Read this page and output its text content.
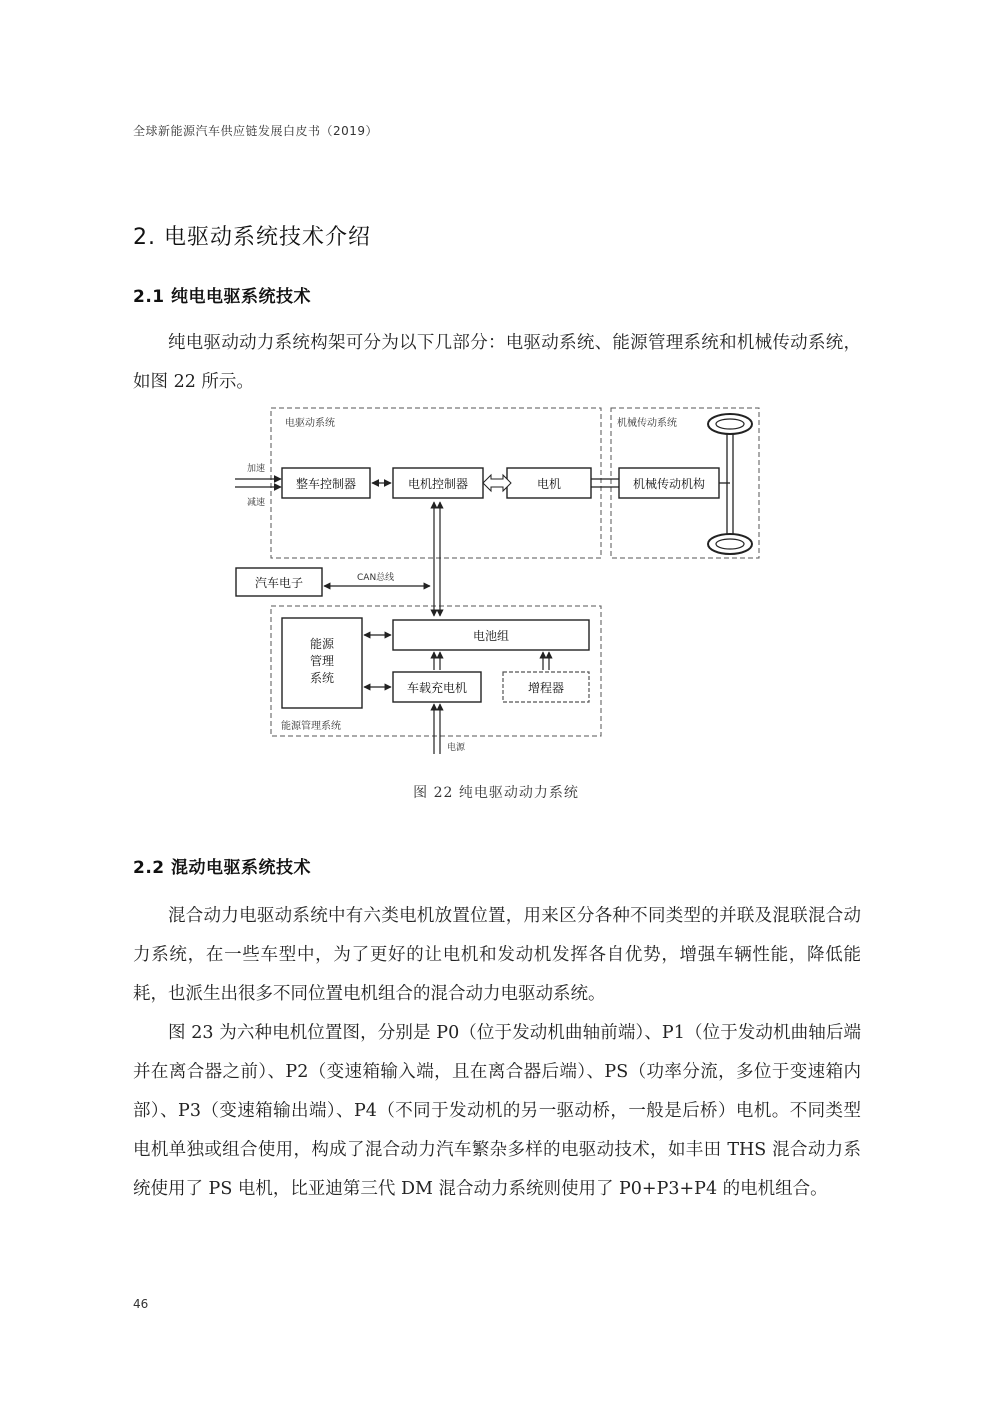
全球新能源汽车供应链发展白皮书（2019）
2. 电驱动系统技术介绍
2.1 纯电电驱系统技术

纯电驱动动力系统构架可分为以下几部分：电驱动系统、能源管理系统和机械传动系统，如图 22 所示。

电驱动系统	机械传动系统
能源管理系统
加速
减速
整车控制器	电机控制器	电机	机械传动机构
汽车电子	CAN总线
能源
管理
系统
电池组
车载充电机	增程器
电源
图 22 纯电驱动动力系统
2.2 混动电驱系统技术

混合动力电驱动系统中有六类电机放置位置，用来区分各种不同类型的并联及混联混合动力系统，在一些车型中，为了更好的让电机和发动机发挥各自优势，增强车辆性能，降低能耗，也派生出很多不同位置电机组合的混合动力电驱动系统。

图 23 为六种电机位置图，分别是 P0（位于发动机曲轴前端）、P1（位于发动机曲轴后端并在离合器之前）、P2（变速箱输入端，且在离合器后端）、PS（功率分流，多位于变速箱内部）、P3（变速箱输出端）、P4（不同于发动机的另一驱动桥，一般是后桥）电机。不同类型电机单独或组合使用，构成了混合动力汽车繁杂多样的电驱动技术，如丰田 THS 混合动力系统使用了 PS 电机，比亚迪第三代 DM 混合动力系统则使用了 P0+P3+P4 的电机组合。

46
